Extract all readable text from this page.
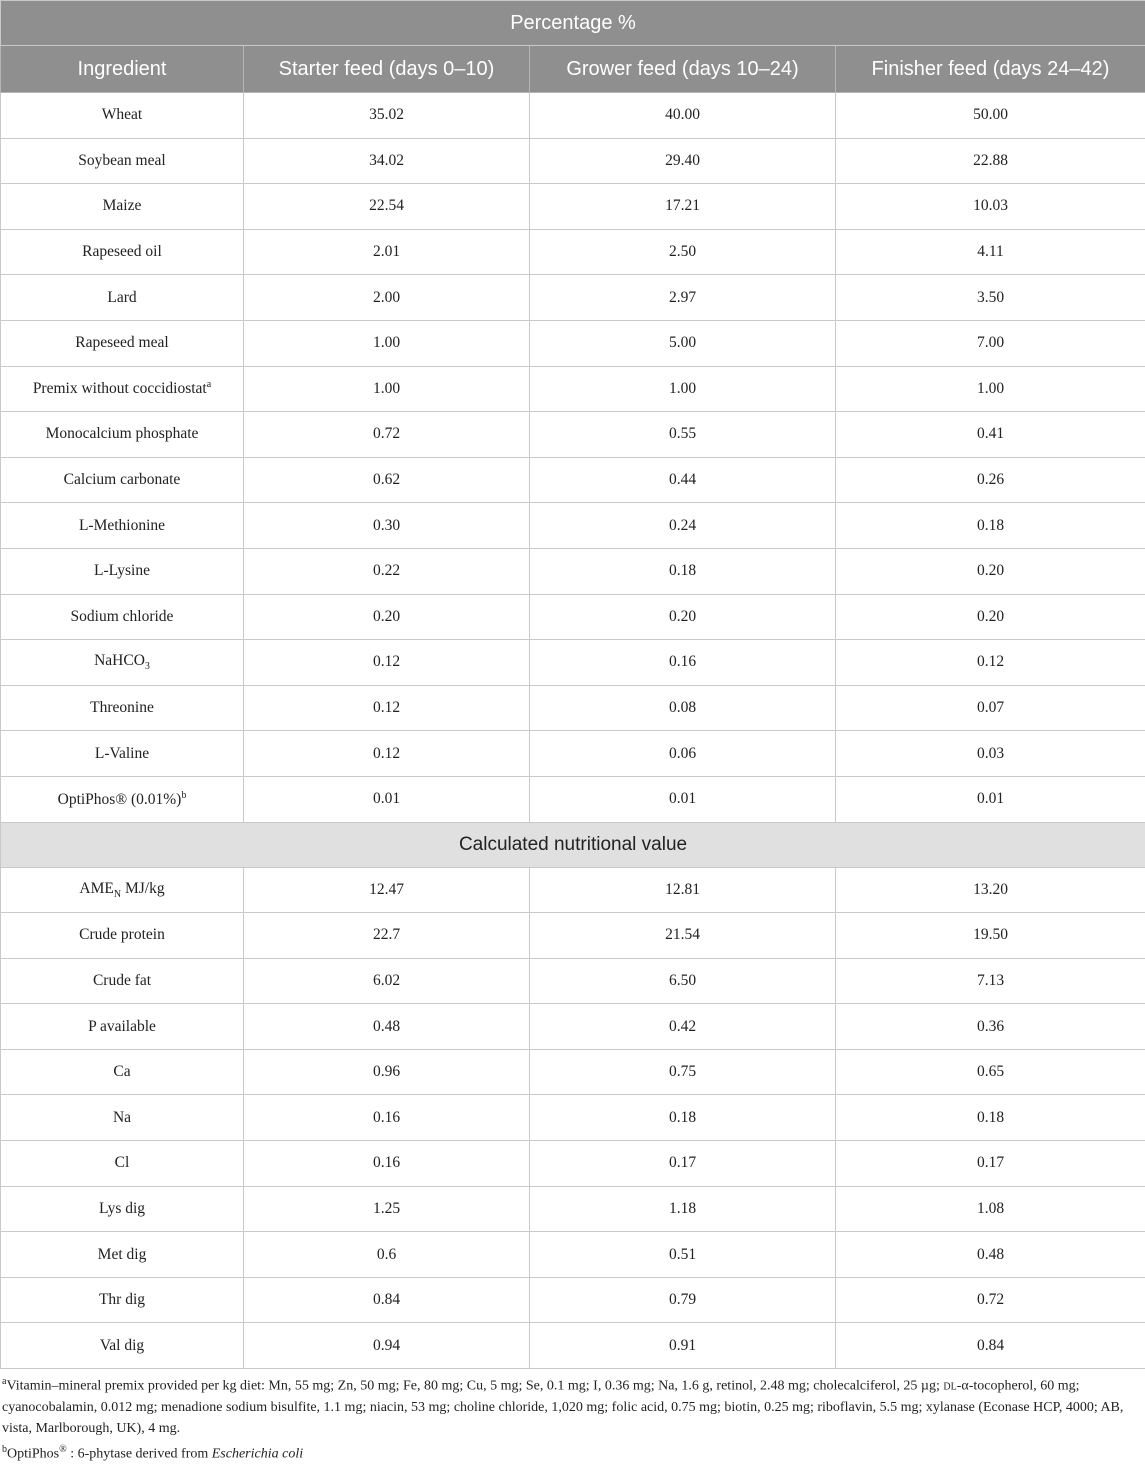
Percentage %			
Ingredient	Starter feed (days 0–10)	Grower feed (days 10–24)	Finisher feed (days 24–42)
Wheat	35.02	40.00	50.00
Soybean meal	34.02	29.40	22.88
Maize	22.54	17.21	10.03
Rapeseed oil	2.01	2.50	4.11
Lard	2.00	2.97	3.50
Rapeseed meal	1.00	5.00	7.00
Premix without coccidiostat$^a$	1.00	1.00	1.00
Monocalcium phosphate	0.72	0.55	0.41
Calcium carbonate	0.62	0.44	0.26
L-Methionine	0.30	0.24	0.18
L-Lysine	0.22	0.18	0.20
Sodium chloride	0.20	0.20	0.20
NaHCO$_3$	0.12	0.16	0.12
Threonine	0.12	0.08	0.07
L-Valine	0.12	0.06	0.03
OptiPhos® $(0.01\%)^b$	0.01	0.01	0.01
Calculated nutritional value			
$AME_N$ MJ/kg	12.47	12.81	13.20
Crude protein	22.7	21.54	19.50
Crude fat	6.02	6.50	7.13
P available	0.48	0.42	0.36
Ca	0.96	0.75	0.65
Na	0.16	0.18	0.18
Cl	0.16	0.17	0.17
Lys dig	1.25	1.18	1.08
Met dig	0.6	0.51	0.48
Thr dig	0.84	0.79	0.72
Val dig	0.94	0.91	0.84

$^a$Vitamin–mineral premix provided per kg diet: Mn, 55 mg; Zn, 50 mg; Fe, 80 mg; Cu, 5 mg; Se, 0.1 mg; I, 0.36 mg; Na, 1.6 g, retinol, 2.48 mg; cholecalciferol, 25 µg; dl-α-tocopherol, 60 mg; cyanocobalamin, 0.012 mg; menadione sodium bisulfite, 1.1 mg; niacin, 53 mg; choline chloride, 1,020 mg; folic acid, 0.75 mg; biotin, 0.25 mg; riboflavin, 5.5 mg; xylanase (Econase HCP, 4000; AB, vista, Marlborough, UK), 4 mg.

$^b$OptiPhos® : 6-phytase derived from Escherichia coli
